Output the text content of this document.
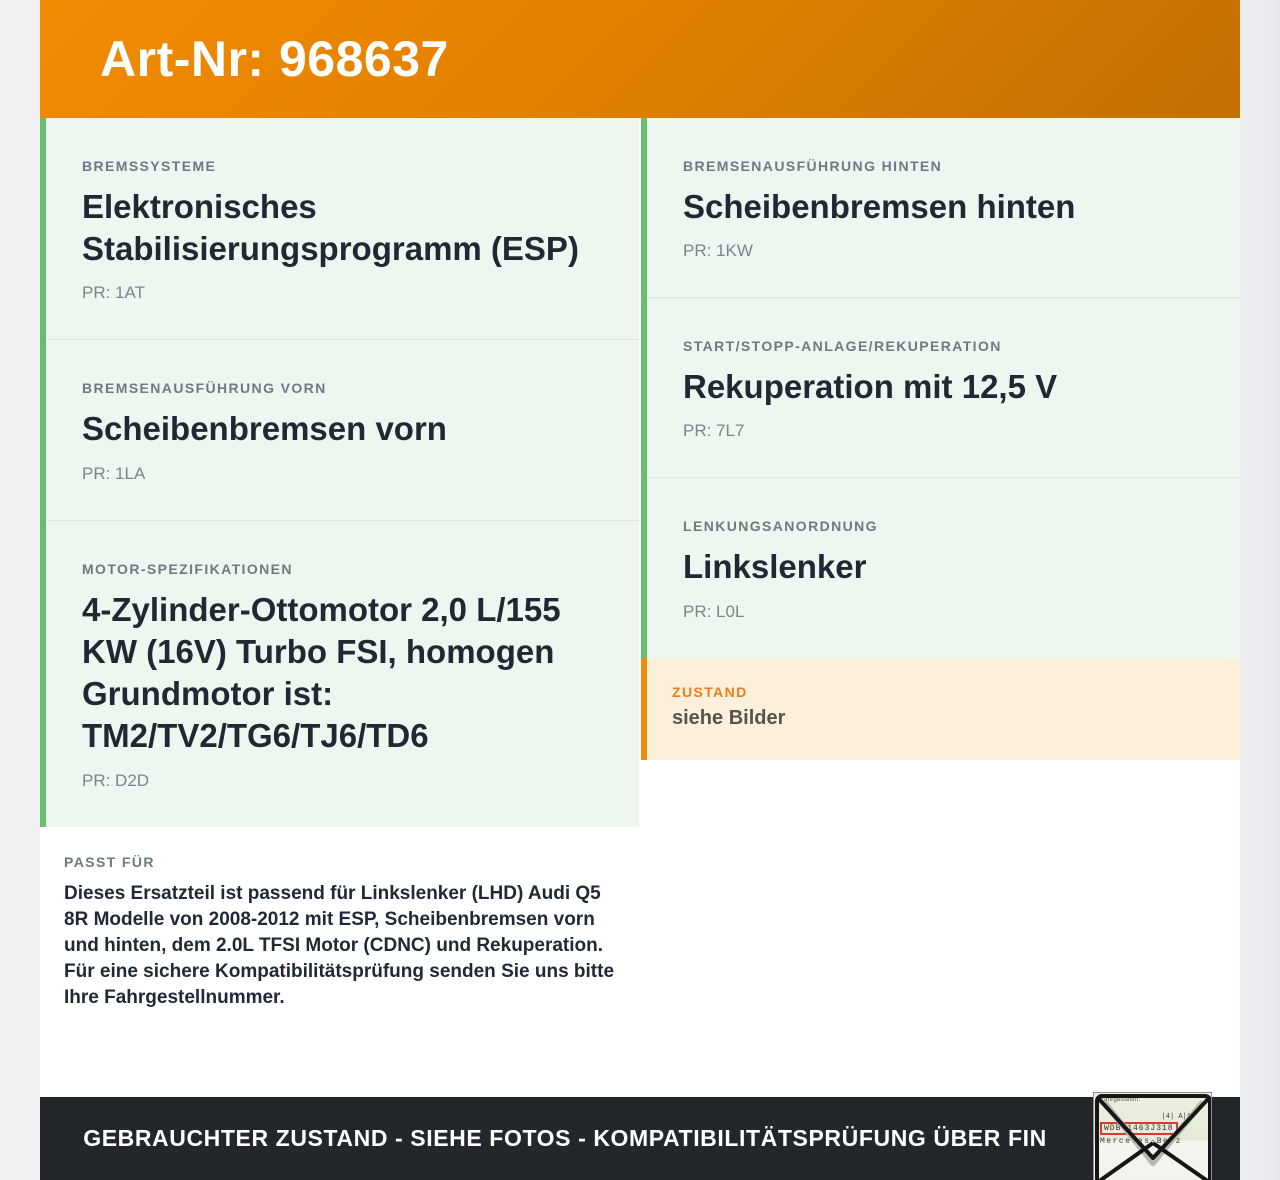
Art-Nr: 968637
BREMSSYSTEME
Elektronisches Stabilisierungsprogramm (ESP)
PR: 1AT
BREMSENAUSFÜHRUNG VORN
Scheibenbremsen vorn
PR: 1LA
MOTOR-SPEZIFIKATIONEN
4-Zylinder-Ottomotor 2,0 L/155 KW (16V) Turbo FSI, homogen Grundmotor ist: TM2/TV2/TG6/TJ6/TD6
PR: D2D
PASST FÜR

Dieses Ersatzteil ist passend für Linkslenker (LHD) Audi Q5 8R Modelle von 2008-2012 mit ESP, Scheibenbremsen vorn und hinten, dem 2.0L TFSI Motor (CDNC) und Rekuperation. Für eine sichere Kompatibilitätsprüfung senden Sie uns bitte Ihre Fahrgestellnummer.

BREMSENAUSFÜHRUNG HINTEN
Scheibenbremsen hinten
PR: 1KW
START/STOPP-ANLAGE/REKUPERATION
Rekuperation mit 12,5 V
PR: 7L7
LENKUNGSANORDNUNG
Linkslenker
PR: L0L
ZUSTAND
siehe Bilder
GEBRAUCHTER ZUSTAND - SIEHE FOTOS - KOMPATIBILITÄTSPRÜFUNG ÜBER FIN
Fahrgestellnr.
|4| A|A
WDB71463J318 7
Mercedes-Benz
